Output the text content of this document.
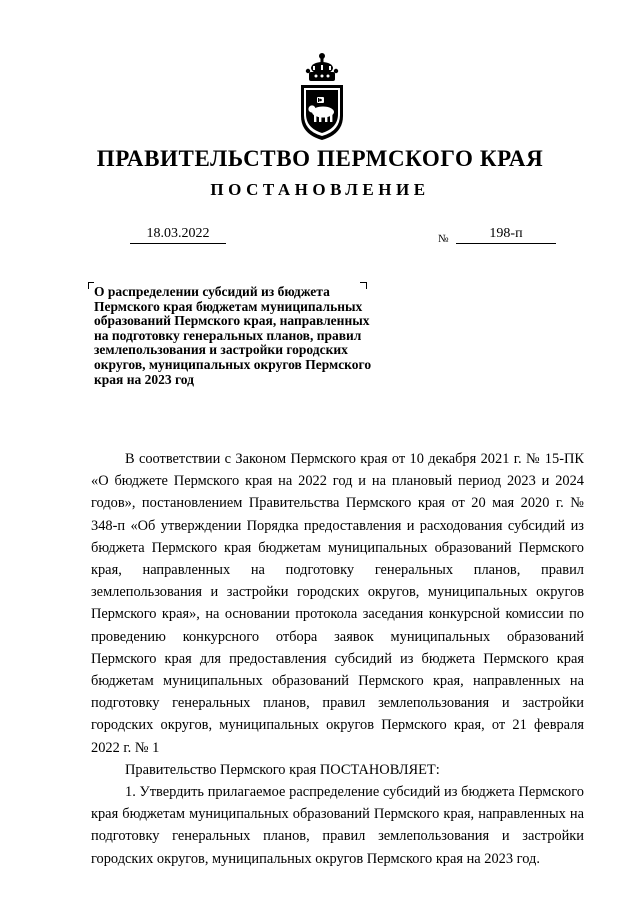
ПРАВИТЕЛЬСТВО ПЕРМСКОГО КРАЯ
ПОСТАНОВЛЕНИЕ
18.03.2022	№	198-п
О распределении субсидий из бюджета Пермского края бюджетам муниципальных образований Пермского края, направленных на подготовку генеральных планов, правил землепользования и застройки городских округов, муниципальных округов Пермского края на 2023 год

В соответствии с Законом Пермского края от 10 декабря 2021 г. № 15-ПК «О бюджете Пермского края на 2022 год и на плановый период 2023 и 2024 годов», постановлением Правительства Пермского края от 20 мая 2020 г. № 348-п «Об утверждении Порядка предоставления и расходования субсидий из бюджета Пермского края бюджетам муниципальных образований Пермского края, направленных на подготовку генеральных планов, правил землепользования и застройки городских округов, муниципальных округов Пермского края», на основании протокола заседания конкурсной комиссии по проведению конкурсного отбора заявок муниципальных образований Пермского края для предоставления субсидий из бюджета Пермского края бюджетам муниципальных образований Пермского края, направленных на подготовку генеральных планов, правил землепользования и застройки городских округов, муниципальных округов Пермского края, от 21 февраля 2022 г. № 1

Правительство Пермского края ПОСТАНОВЛЯЕТ:

1. Утвердить прилагаемое распределение субсидий из бюджета Пермского края бюджетам муниципальных образований Пермского края, направленных на подготовку генеральных планов, правил землепользования и застройки городских округов, муниципальных округов Пермского края на 2023 год.
